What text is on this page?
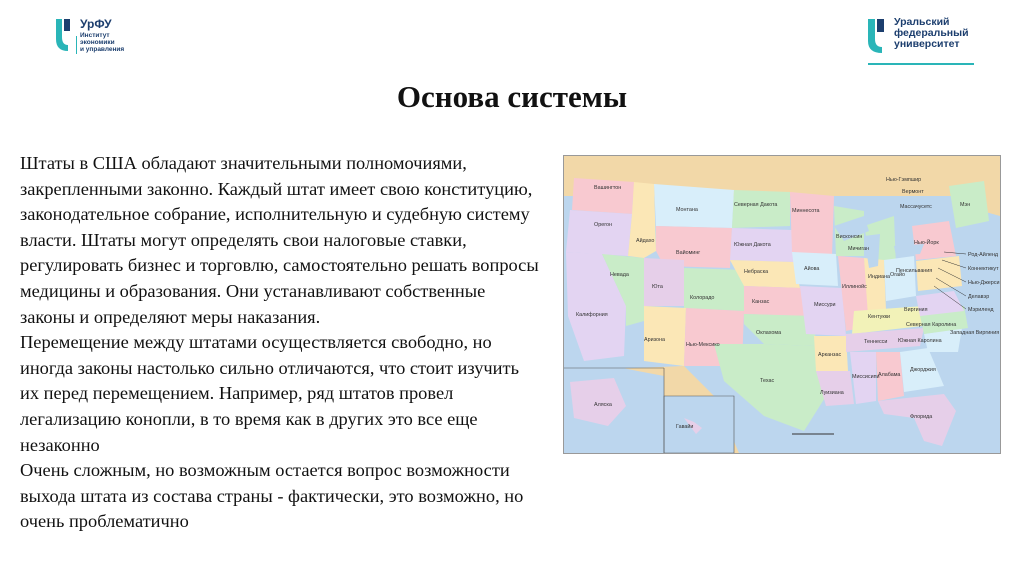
УрФУ
Институт
экономики
и управления
Уральский
федеральный
университет
Основа системы

Штаты в США обладают значительными полномочиями, закрепленными законно. Каждый штат имеет свою конституцию, законодательное собрание, исполнительную и судебную систему власти. Штаты могут определять свои налоговые ставки, регулировать бизнес и торговлю, самостоятельно решать вопросы медицины и образования. Они устанавливают собственные законы и определяют меры наказания.

Перемещение между штатами осуществляется свободно, но иногда законы настолько сильно отличаются, что стоит изучить их перед перемещением. Например, ряд штатов провел легализацию конопли, в то время как в других это все еще незаконно

Очень сложным, но возможным остается вопрос возможности выхода штата из состава страны - фактически, это возможно, но очень проблематично

Вашингтон
Орегон
Калифорния
Невада
Айдахо
Монтана
Вайоминг
Юта
Колорадо
Аризона
Нью-Мексико
Северная Дакота
Южная Дакота
Небраска
Канзас
Оклахома
Техас
Миннесота
Айова
Миссури
Арканзас
Луизиана
Висконсин
Иллинойс
Мичиган
Индиана Огайо
Кентукки
Теннесси
Миссисипи
Алабама
Джорджия
Флорида
Южная Каролина
Северная Каролина
Виргиния
Западная Виргиния
Пенсильвания
Нью-Йорк
Нью-Гэмпшир
Вермонт
Массачусетс	Мэн
Род-Айленд
Коннектикут
Нью-Джерси
Делавэр
Мэриленд
Аляска
Гавайи
